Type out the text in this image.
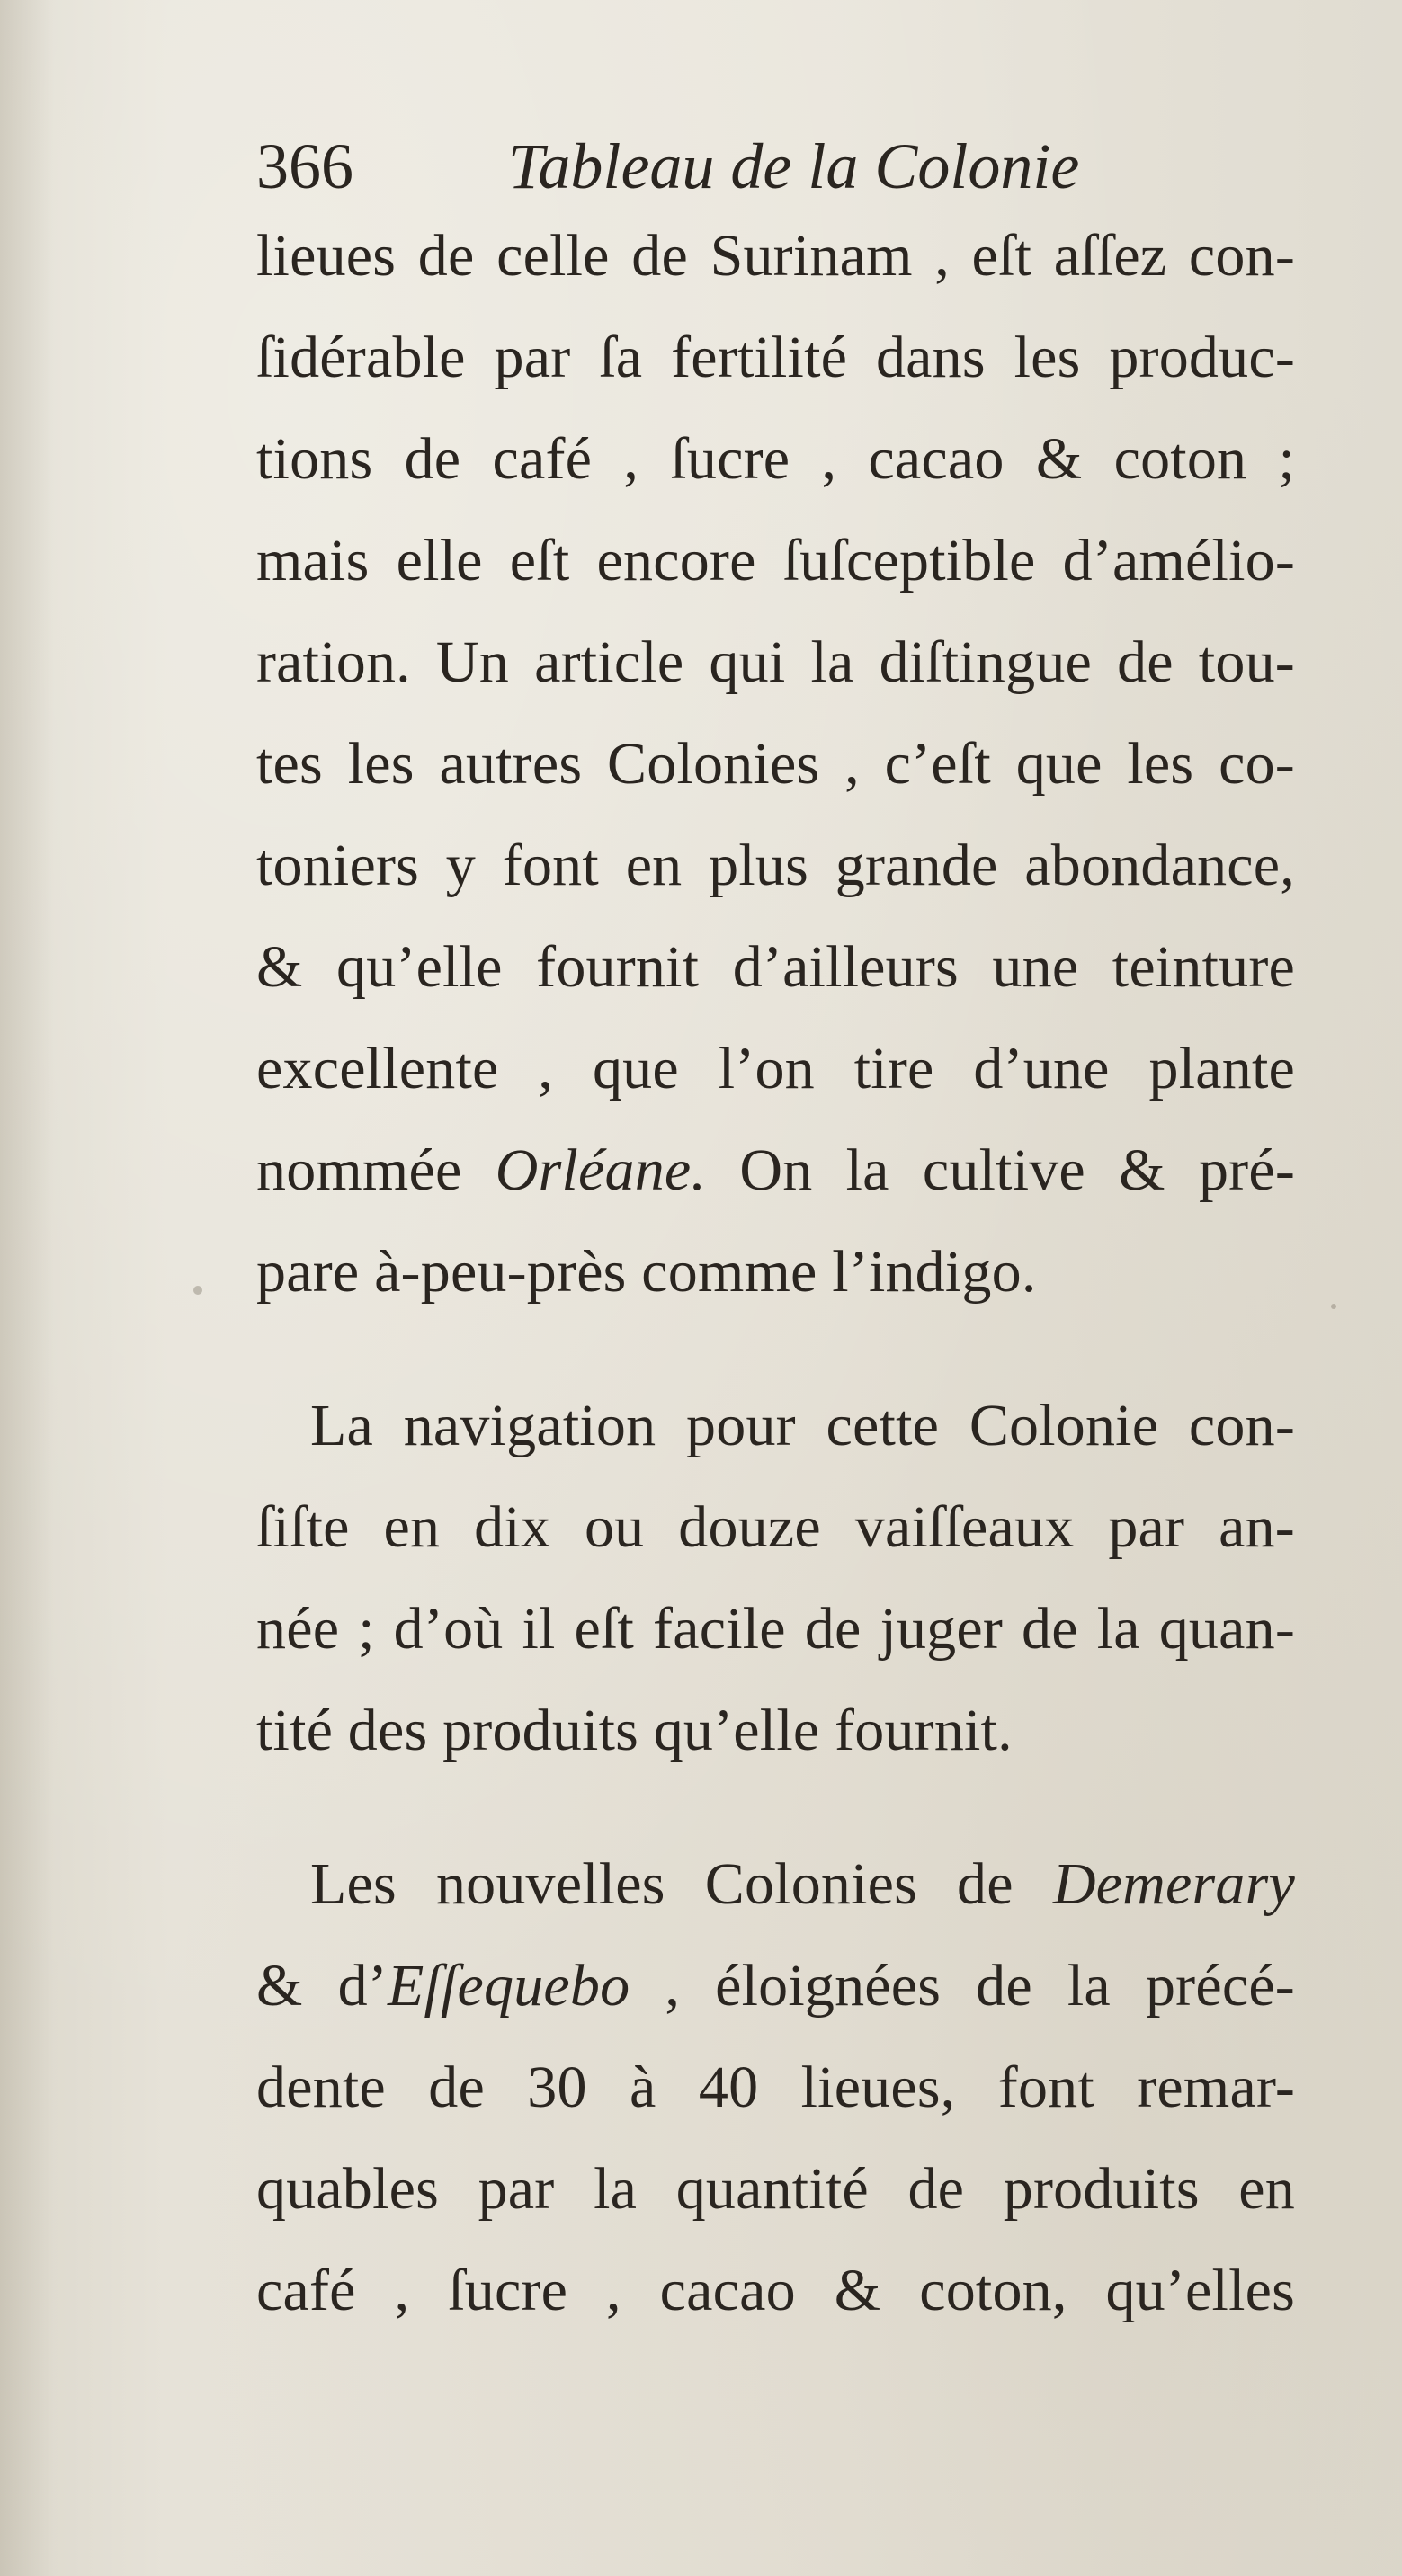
366 Tableau de la Colonie
lieues de celle de Surinam , eſt aſſez con-
ſidérable par ſa fertilité dans les produc-
tions de café , ſucre , cacao & coton ;
mais elle eſt encore ſuſceptible d’amélio-
ration. Un article qui la diſtingue de tou-
tes les autres Colonies , c’eſt que les co-
toniers y font en plus grande abondance,
& qu’elle fournit d’ailleurs une teinture
excellente , que l’on tire d’une plante
nommée Orléane. On la cultive & pré-
pare à-peu-près comme l’indigo.
La navigation pour cette Colonie con-
ſiſte en dix ou douze vaiſſeaux par an-
née ; d’où il eſt facile de juger de la quan-
tité des produits qu’elle fournit.
Les nouvelles Colonies de Demerary
& d’Eſſequebo , éloignées de la précé-
dente de 30 à 40 lieues, font remar-
quables par la quantité de produits en
café , ſucre , cacao & coton, qu’elles
